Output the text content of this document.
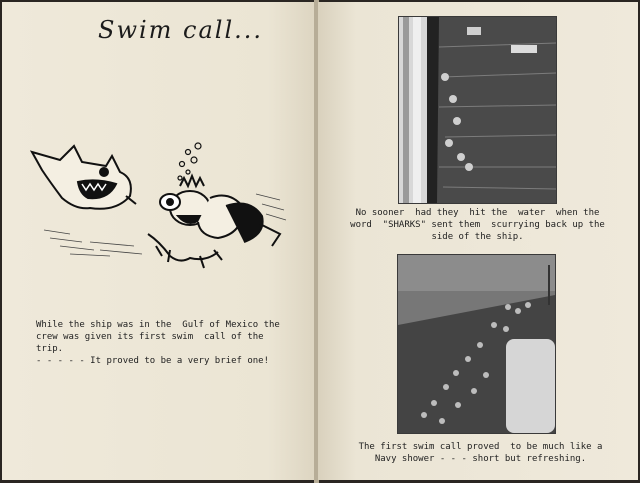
Swim call...
While the ship was in the  Gulf of Mexico the
crew was given its first swim  call of the trip.
- - - - - It proved to be a very brief one!
No sooner  had they  hit the  water  when the
word  "SHARKS" sent them  scurrying back up the
side of the ship.
The first swim call proved  to be much like a
Navy shower - - - short but refreshing.
